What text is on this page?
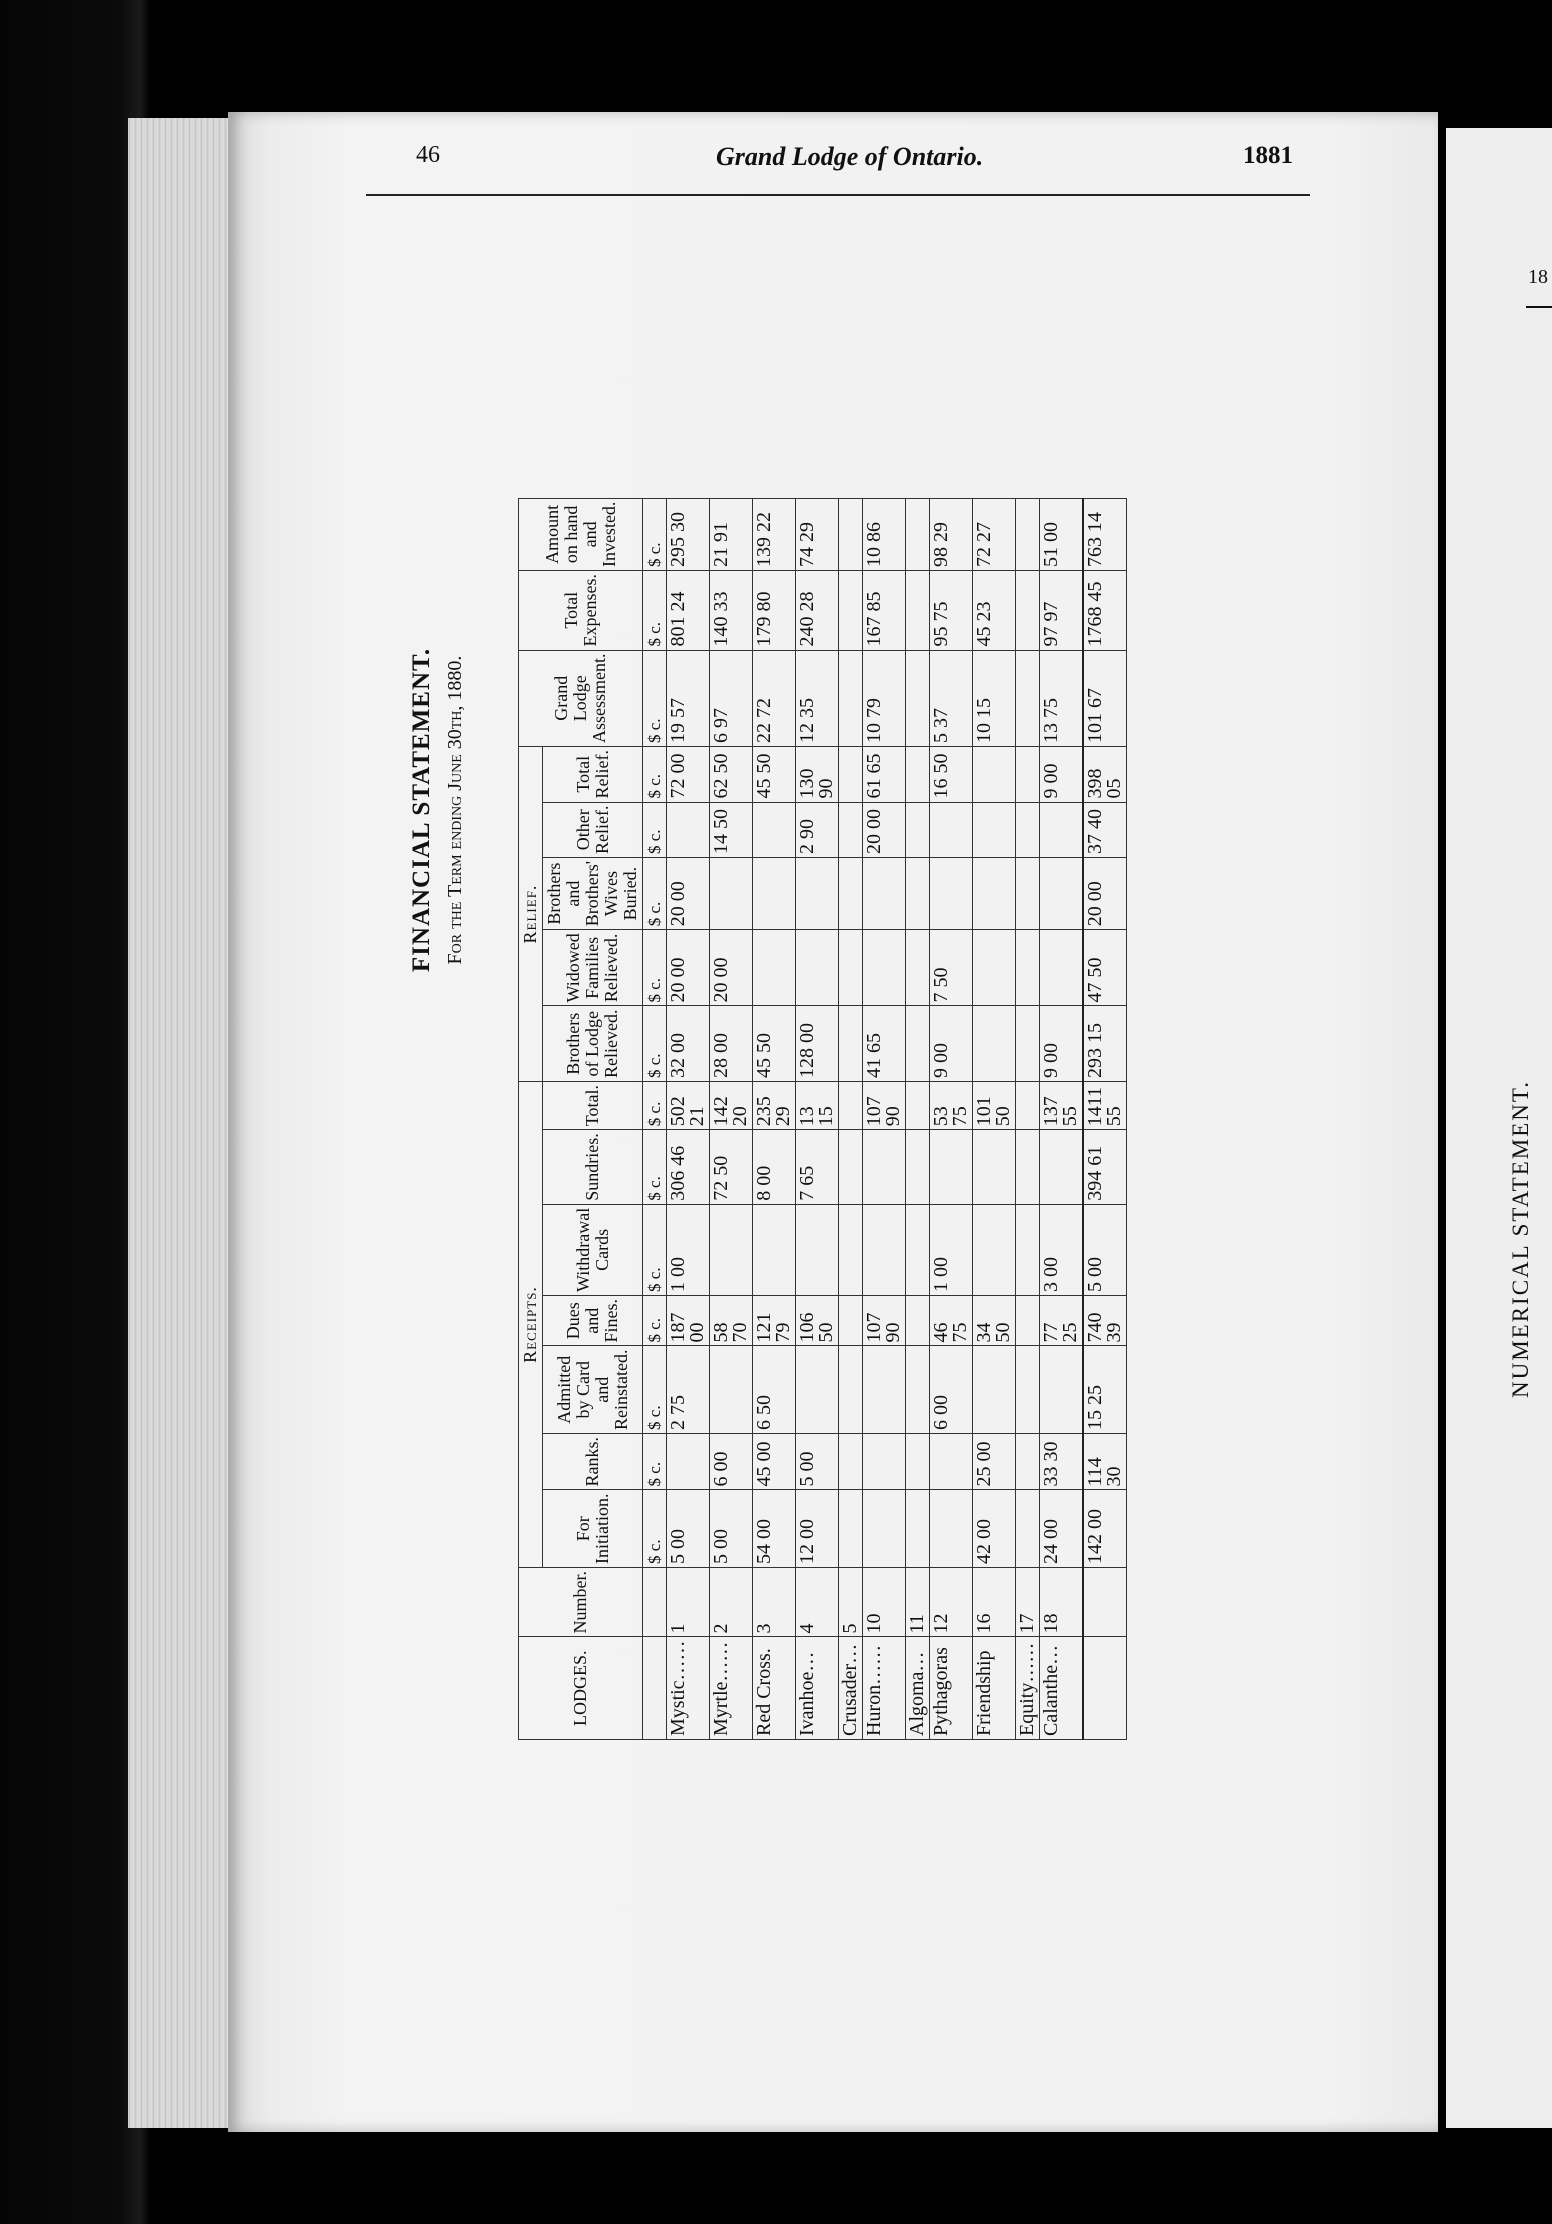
18
NUMERICAL STATEMENT.
46	Grand Lodge of Ontario.	1881
FINANCIAL STATEMENT. For the Term ending June 30th, 1880.
LODGES.	Number.	Receipts.							Relief.					Grand Lodge Assessment.	Total Expenses.	Amount on hand and Invested.
		For Initiation.	Ranks.	Admitted by Card and Reinstated.	Dues and Fines.	Withdrawal Cards	Sundries.	Total.	Brothers of Lodge Relieved.	Widowed Families Relieved.	Brothers and Brothers' Wives Buried.	Other Relief.	Total Relief.			
		$ c.	$ c.	$ c.	$ c.	$ c.	$ c.	$ c.	$ c.	$ c.	$ c.	$ c.	$ c.	$ c.	$ c.	$ c.
Mystic……	1	5 00		2 75	187 00	1 00	306 46	502 21	32 00	20 00	20 00		72 00	19 57	801 24	295 30
Myrtle……	2	5 00	6 00		58 70		72 50	142 20	28 00	20 00		14 50	62 50	6 97	140 33	21 91
Red Cross.	3	54 00	45 00	6 50	121 79		8 00	235 29	45 50				45 50	22 72	179 80	139 22
Ivanhoe…	4	12 00	5 00		106 50		7 65	13 15	128 00			2 90	130 90	12 35	240 28	74 29
Crusader…	5															
Huron……	10				107 90			107 90	41 65			20 00	61 65	10 79	167 85	10 86
Algoma…	11															
Pythagoras	12			6 00	46 75	1 00		53 75	9 00	7 50			16 50	5 37	95 75	98 29
Friendship	16	42 00	25 00		34 50			101 50						10 15	45 23	72 27
Equity……	17															
Calanthe…	18	24 00	33 30		77 25	3 00		137 55	9 00				9 00	13 75	97 97	51 00
		142 00	114 30	15 25	740 39	5 00	394 61	1411 55	293 15	47 50	20 00	37 40	398 05	101 67	1768 45	763 14
